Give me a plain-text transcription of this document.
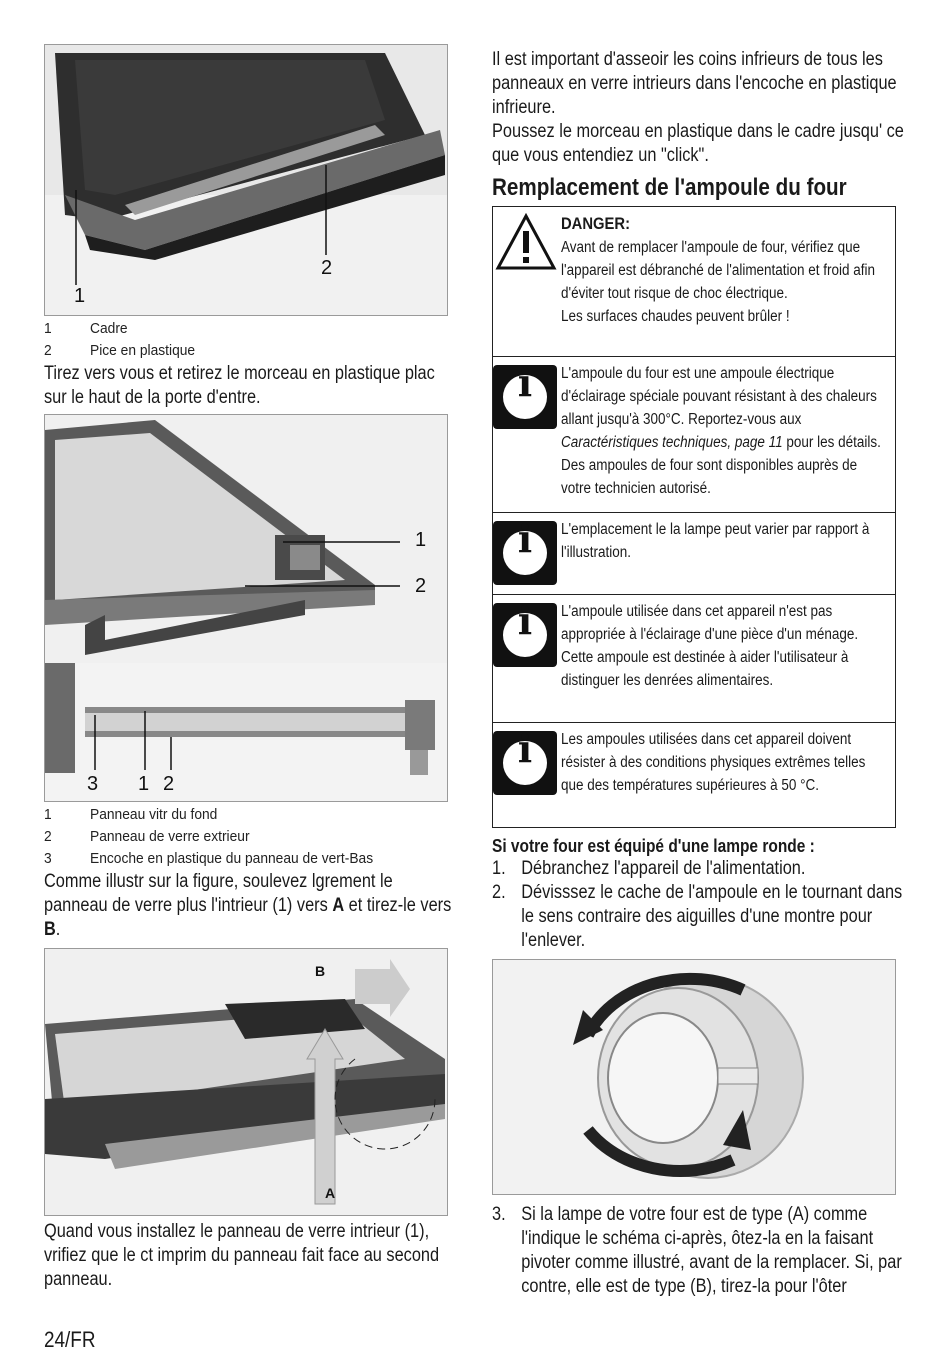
1
2
1	Cadre
2	Pice en plastique

Tirez vers vous et retirez le morceau en plastique plac sur le haut de la porte d'entre.

1
2
3 1 2
1	Panneau vitr du fond
2	Panneau de verre extrieur
3	Encoche en plastique du panneau de vert-Bas

Comme illustr sur la figure, soulevez lgrement le panneau de verre plus l'intrieur (1) vers A et tirez-le vers B.

B
A

Quand vous installez le panneau de verre intrieur (1), vrifiez que le ct imprim du panneau fait face au second panneau.

Il est important d'asseoir les coins infrieurs de tous les panneaux en verre intrieurs dans l'encoche en plastique infrieure.

Poussez le morceau en plastique dans le cadre jusqu' ce que vous entendiez un "click".

Remplacement de l'ampoule du four
DANGER:
Avant de remplacer l'ampoule de four, vérifiez que l'appareil est débranché de l'alimentation et froid afin d'éviter tout risque de choc électrique.
Les surfaces chaudes peuvent brûler !
i	L'ampoule du four est une ampoule électrique d'éclairage spéciale pouvant résistant à des chaleurs allant jusqu'à 300°C. Reportez-vous aux Caractéristiques techniques, page 11 pour les détails. Des ampoules de four sont disponibles auprès de votre technicien autorisé.
i	L'emplacement le la lampe peut varier par rapport à l'illustration.
i	L'ampoule utilisée dans cet appareil n'est pas appropriée à l'éclairage d'une pièce d'un ménage. Cette ampoule est destinée à aider l'utilisateur à distinguer les denrées alimentaires.
i	Les ampoules utilisées dans cet appareil doivent résister à des conditions physiques extrêmes telles que des températures supérieures à 50 °C.
Si votre four est équipé d'une lampe ronde :
1. Débranchez l'appareil de l'alimentation.
2. Dévisssez le cache de l'ampoule en le tournant dans le sens contraire des aiguilles d'une montre pour l'enlever.
3. Si la lampe de votre four est de type (A) comme l'indique le schéma ci-après, ôtez-la en la faisant pivoter comme illustré, avant de la remplacer. Si, par contre, elle est de type (B), tirez-la pour l'ôter
24/FR
